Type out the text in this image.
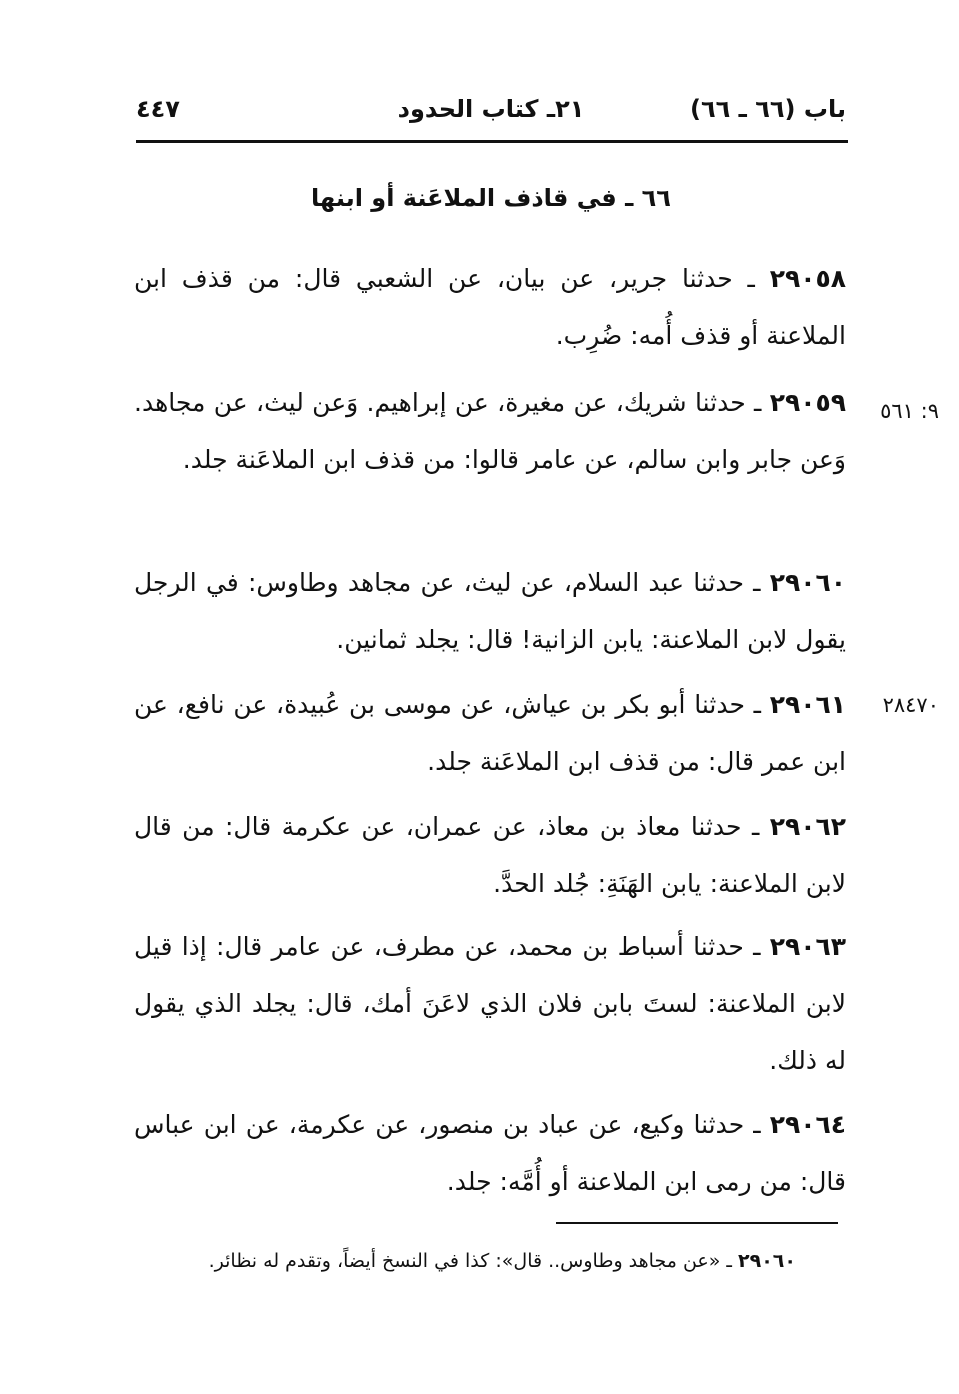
باب (٦٦ ـ ٦٦)
٢١ـ كتاب الحدود
٤٤٧
٦٦ ـ في قاذف الملاعَنة أو ابنها
٢٩٠٥٨ ـ حدثنا جرير، عن بيان، عن الشعبي قال: من قذف ابن الملاعنة أو قذف أُمه: ضُرِب.
٩: ٥٦١
٢٩٠٥٩ ـ حدثنا شريك، عن مغيرة، عن إبراهيم. وَعن ليث، عن مجاهد. وَعن جابر وابن سالم، عن عامر قالوا: من قذف ابن الملاعَنة جلد.
٢٩٠٦٠ ـ حدثنا عبد السلام، عن ليث، عن مجاهد وطاوس: في الرجل يقول لابن الملاعنة: يابن الزانية! قال: يجلد ثمانين.
٢٨٤٧٠
٢٩٠٦١ ـ حدثنا أبو بكر بن عياش، عن موسى بن عُبيدة، عن نافع، عن ابن عمر قال: من قذف ابن الملاعَنة جلد.
٢٩٠٦٢ ـ حدثنا معاذ بن معاذ، عن عمران، عن عكرمة قال: من قال لابن الملاعنة: يابن الهَنَةِ: جُلد الحدَّ.
٢٩٠٦٣ ـ حدثنا أسباط بن محمد، عن مطرف، عن عامر قال: إذا قيل لابن الملاعنة: لستَ بابن فلان الذي لاعَنَ أمك، قال: يجلد الذي يقول له ذلك.
٢٩٠٦٤ ـ حدثنا وكيع، عن عباد بن منصور، عن عكرمة، عن ابن عباس قال: من رمى ابن الملاعنة أو أُمَّه: جلد.
٢٩٠٦٠ ـ «عن مجاهد وطاوس.. قال»: كذا في النسخ أيضاً، وتقدم له نظائر.
